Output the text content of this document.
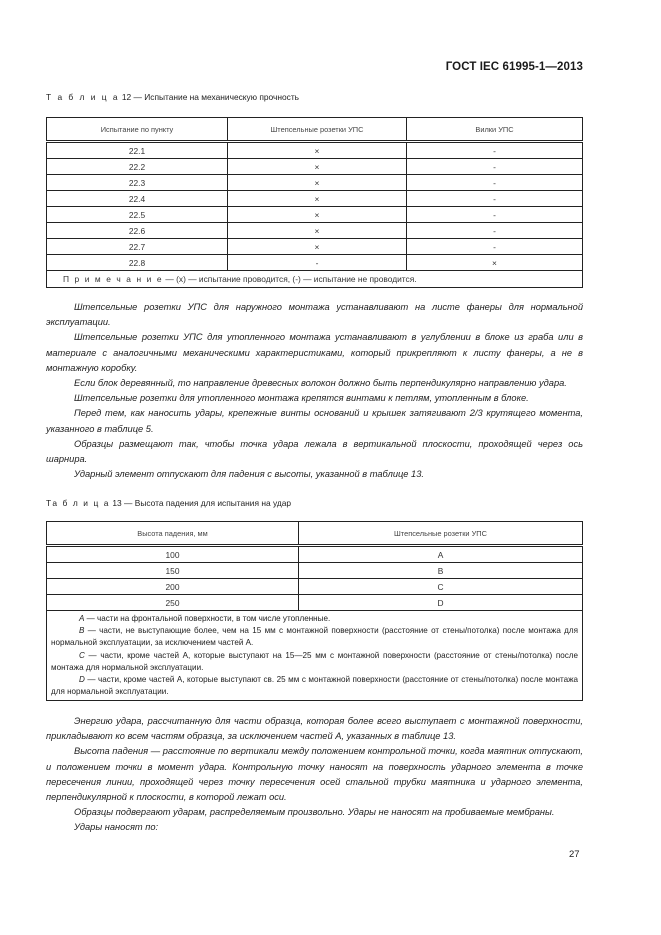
ГОСТ IEC 61995-1—2013
Т а б л и ц а 12 — Испытание на механическую прочность
Испытание по пункту	Штепсельные розетки УПС	Вилки УПС
22.1	×	-
22.2	×	-
22.3	×	-
22.4	×	-
22.5	×	-
22.6	×	-
22.7	×	-
22.8	-	×
П р и м е ч а н и е — (x) — испытание проводится, (-) — испытание не проводится.		

Штепсельные розетки УПС для наружного монтажа устанавливают на листе фанеры для нормальной эксплуатации.

Штепсельные розетки УПС для утопленного монтажа устанавливают в углублении в блоке из граба или в материале с аналогичными механическими характеристиками, который прикрепляют к листу фанеры, а не в монтажную коробку.

Если блок деревянный, то направление древесных волокон должно быть перпендикулярно направлению удара.

Штепсельные розетки для утопленного монтажа крепятся винтами к петлям, утопленным в блоке.

Перед тем, как наносить удары, крепежные винты оснований и крышек затягивают 2/3 крутящего момента, указанного в таблице 5.

Образцы размещают так, чтобы точка удара лежала в вертикальной плоскости, проходящей через ось шарнира.

Ударный элемент отпускают для падения с высоты, указанной в таблице 13.

Та б л и ц а 13 — Высота падения для испытания на удар
Высота падения, мм	Штепсельные розетки УПС
100	A
150	B
200	C
250	D

A — части на фронтальной поверхности, в том числе утопленные.

B — части, не выступающие более, чем на 15 мм с монтажной поверхности (расстояние от стены/потолка) после монтажа для нормальной эксплуатации, за исключением частей A.

C — части, кроме частей А, которые выступают на 15—25 мм с монтажной поверхности (расстояние от стены/потолка) после монтажа для нормальной эксплуатации.

D — части, кроме частей A, которые выступают св. 25 мм с монтажной поверхности (расстояние от стены/потолка) после монтажа для нормальной эксплуатации.	

Энергию удара, рассчитанную для части образца, которая более всего выступает с монтажной поверхности, прикладывают ко всем частям образца, за исключением частей А, указанных в таблице 13.

Высота падения — расстояние по вертикали между положением контрольной точки, когда маятник отпускают, и положением точки в момент удара. Контрольную точку наносят на поверхность ударного элемента в точке пересечения линии, проходящей через точку пересечения осей стальной трубки маятника и ударного элемента, перпендикулярной к плоскости, в которой лежат оси.

Образцы подвергают ударам, распределяемым произвольно. Удары не наносят на пробиваемые мембраны.

Удары наносят по:

27
